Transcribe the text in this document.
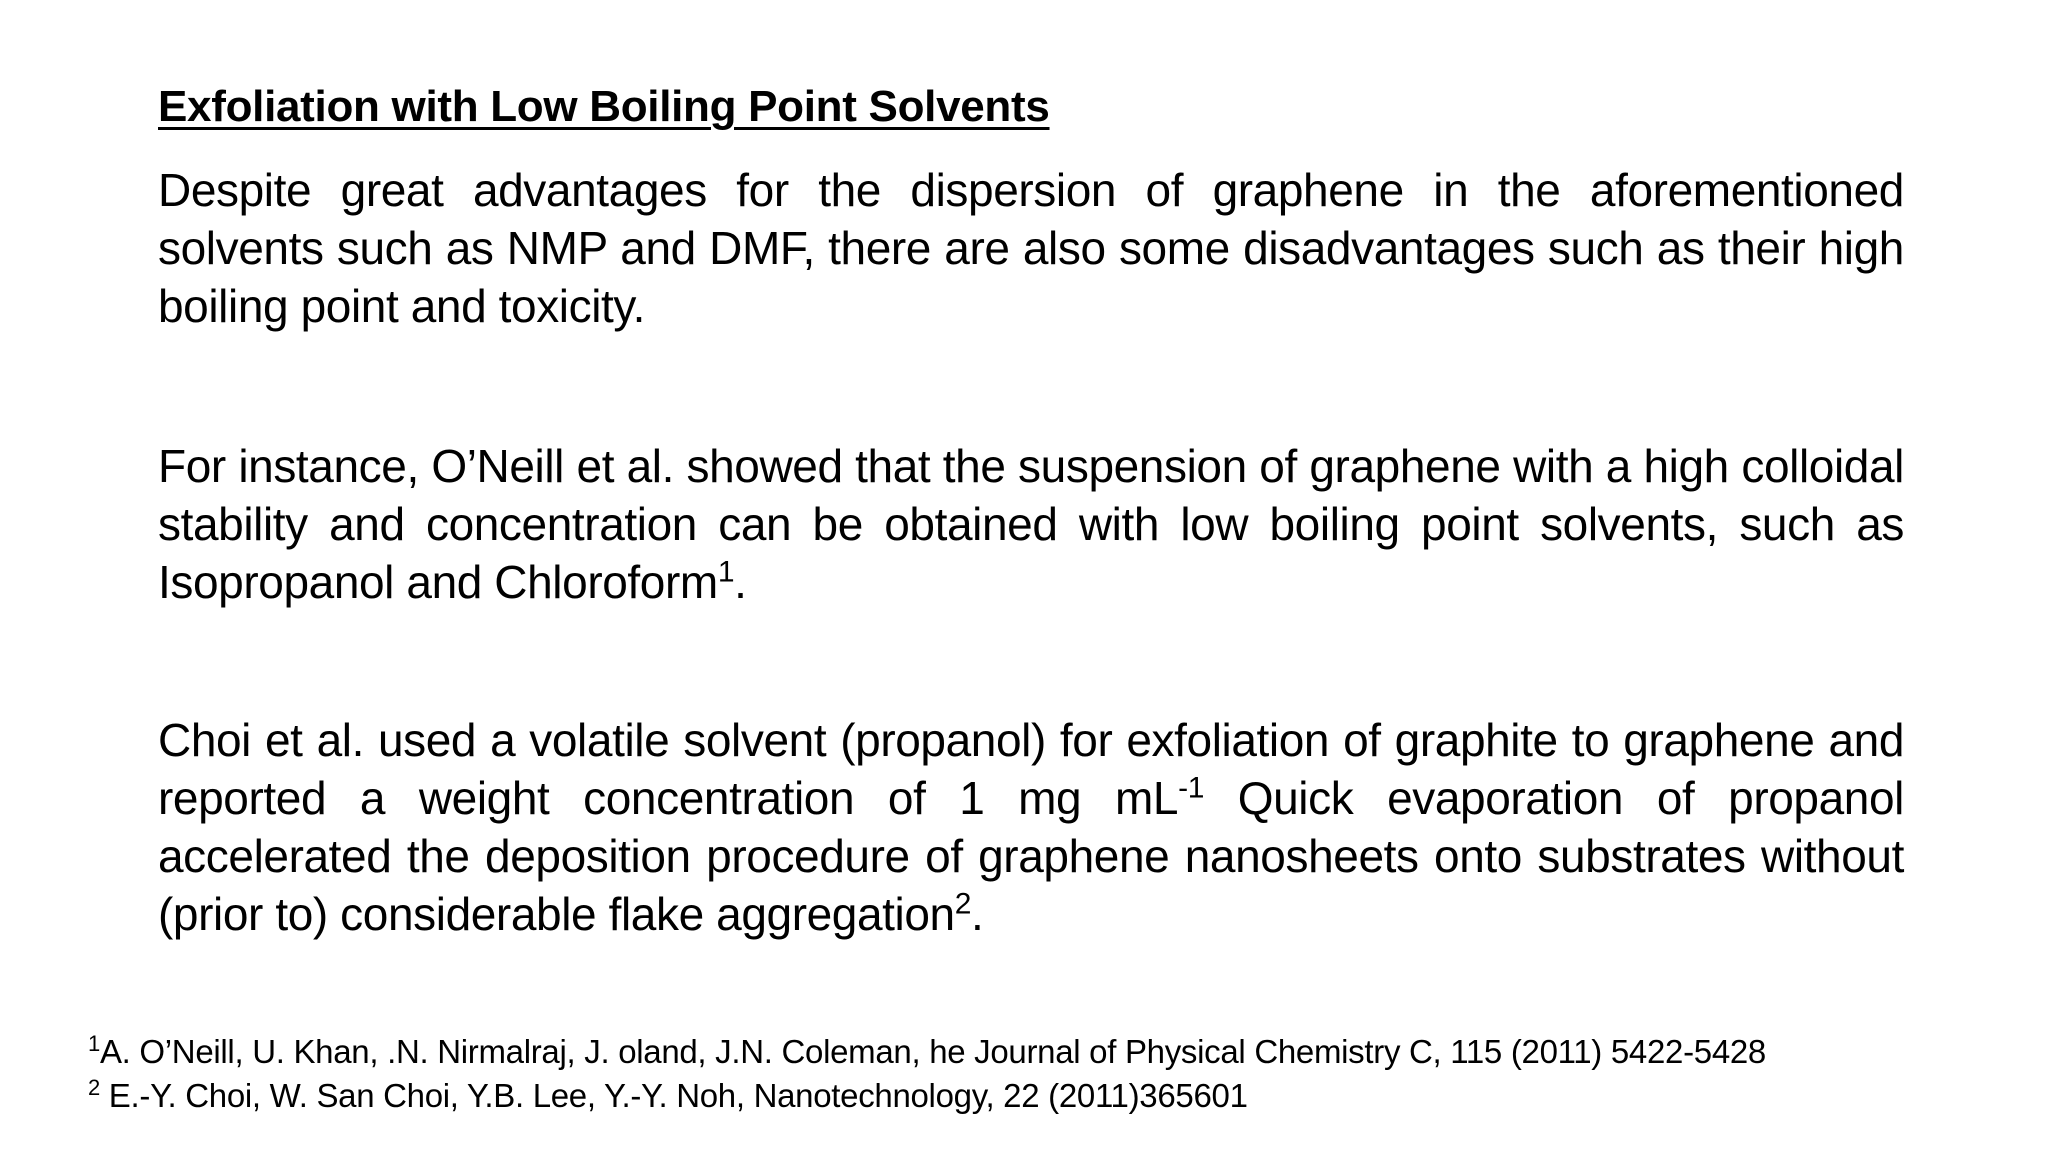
Exfoliation with Low Boiling Point Solvents
Despite great advantages for the dispersion of graphene in the aforementioned solvents such as NMP and DMF, there are also some disadvantages such as their high boiling point and toxicity.
For instance, O’Neill et al. showed that the suspension of graphene with a high colloidal stability and concentration can be obtained with low boiling point solvents, such as Isopropanol and Chloroform$^1$.
Choi et al. used a volatile solvent (propanol) for exfoliation of graphite to graphene and reported a weight concentration of 1 mg $mL^{-1}$ Quick evaporation of propanol accelerated the deposition procedure of graphene nanosheets onto substrates without (prior to) considerable flake aggregation$^2$.
$^1$A. O’Neill, U. Khan, .N. Nirmalraj, J. oland, J.N. Coleman, he Journal of Physical Chemistry C, 115 (2011) 5422-5428
$^2$ E.-Y. Choi, W. San Choi, Y.B. Lee, Y.-Y. Noh, Nanotechnology, 22 (2011)365601
